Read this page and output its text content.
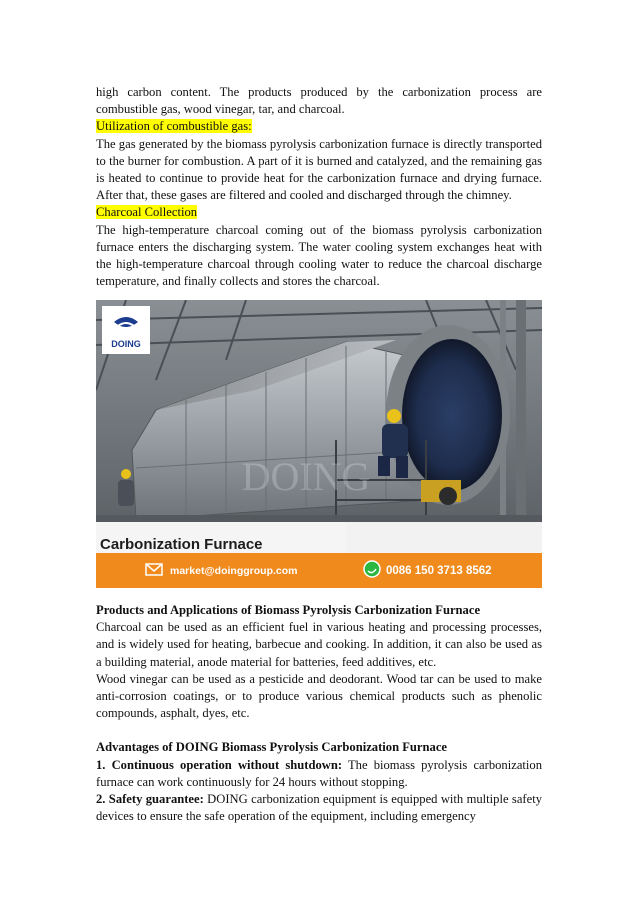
high carbon content. The products produced by the carbonization process are combustible gas, wood vinegar, tar, and charcoal.

Utilization of combustible gas:

The gas generated by the biomass pyrolysis carbonization furnace is directly transported to the burner for combustion. A part of it is burned and catalyzed, and the remaining gas is heated to continue to provide heat for the carbonization furnace and drying furnace. After that, these gases are filtered and cooled and discharged through the chimney.

Charcoal Collection

The high-temperature charcoal coming out of the biomass pyrolysis carbonization furnace enters the discharging system. The water cooling system exchanges heat with the high-temperature charcoal through cooling water to reduce the charcoal discharge temperature, and finally collects and stores the charcoal.

DOING
Carbonization Furnace
market@doinggroup.com	0086 150 3713 8562
DOING

Products and Applications of Biomass Pyrolysis Carbonization Furnace

Charcoal can be used as an efficient fuel in various heating and processing processes, and is widely used for heating, barbecue and cooking. In addition, it can also be used as a building material, anode material for batteries, feed additives, etc.

Wood vinegar can be used as a pesticide and deodorant. Wood tar can be used to make anti-corrosion coatings, or to produce various chemical products such as phenolic compounds, asphalt, dyes, etc.

Advantages of DOING Biomass Pyrolysis Carbonization Furnace

1. Continuous operation without shutdown: The biomass pyrolysis carbonization furnace can work continuously for 24 hours without stopping.

2. Safety guarantee: DOING carbonization equipment is equipped with multiple safety devices to ensure the safe operation of the equipment, including emergency
